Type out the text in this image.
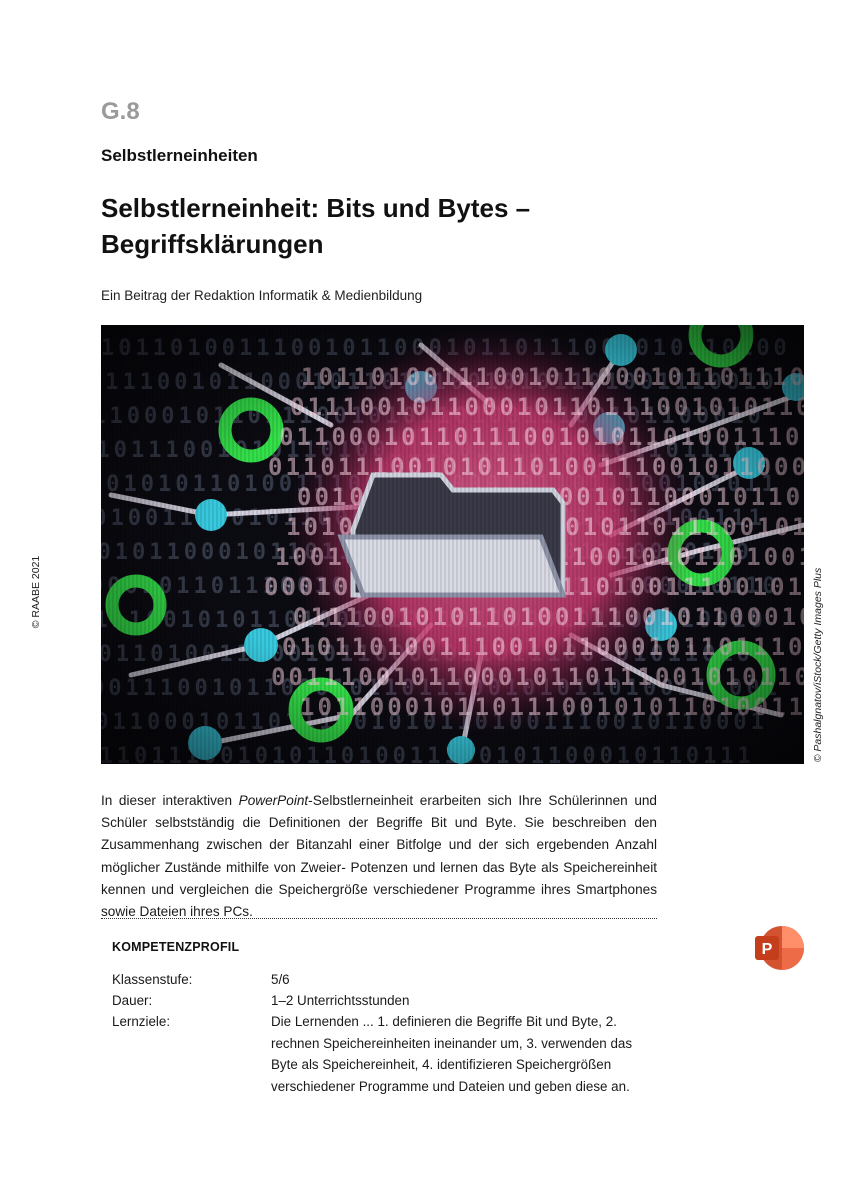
G.8
Selbstlerneinheiten
Selbstlerneinheit: Bits und Bytes –
Begriffsklärungen
Ein Beitrag der Redaktion Informatik & Medienbildung
© RAABE 2021	© Pashalgnatov/iStock/Getty Images Plus
In dieser interaktiven PowerPoint-Selbstlerneinheit erarbeiten sich Ihre Schülerinnen und Schüler selbstständig die Definitionen der Begriffe Bit und Byte. Sie beschreiben den Zusammenhang zwischen der Bitanzahl einer Bitfolge und der sich ergebenden Anzahl möglicher Zustände mithilfe von Zweier- Potenzen und lernen das Byte als Speichereinheit kennen und vergleichen die Speichergröße verschiedener Programme ihres Smartphones sowie Dateien ihres PCs.
KOMPETENZPROFIL
Klassenstufe:	5/6
Dauer:	1–2 Unterrichtsstunden
Lernziele:	Die Lernenden ... 1. definieren die Begriffe Bit und Byte, 2. rechnen Speichereinheiten ineinander um, 3. verwenden das Byte als Speichereinheit, 4. identifizieren Speichergrößen verschiedener Programme und Dateien und geben diese an.
P
